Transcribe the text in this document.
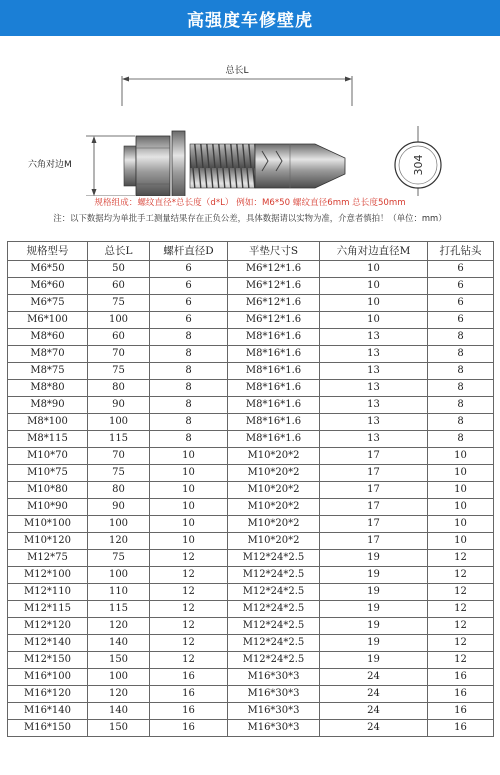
高强度车修壁虎
总长L
六角对边M	304
规格组成：螺纹直径*总长度（d*L） 例如：M6*50 螺纹直径6mm 总长度50mm
注：以下数据均为单批手工测量结果存在正负公差，具体数据请以实物为准，介意者慎拍！（单位：mm）
规格型号	总长L	螺杆直径D	平垫尺寸S	六角对边直径M	打孔钻头
M6*50	50	6	M6*12*1.6	10	6
M6*60	60	6	M6*12*1.6	10	6
M6*75	75	6	M6*12*1.6	10	6
M6*100	100	6	M6*12*1.6	10	6
M8*60	60	8	M8*16*1.6	13	8
M8*70	70	8	M8*16*1.6	13	8
M8*75	75	8	M8*16*1.6	13	8
M8*80	80	8	M8*16*1.6	13	8
M8*90	90	8	M8*16*1.6	13	8
M8*100	100	8	M8*16*1.6	13	8
M8*115	115	8	M8*16*1.6	13	8
M10*70	70	10	M10*20*2	17	10
M10*75	75	10	M10*20*2	17	10
M10*80	80	10	M10*20*2	17	10
M10*90	90	10	M10*20*2	17	10
M10*100	100	10	M10*20*2	17	10
M10*120	120	10	M10*20*2	17	10
M12*75	75	12	M12*24*2.5	19	12
M12*100	100	12	M12*24*2.5	19	12
M12*110	110	12	M12*24*2.5	19	12
M12*115	115	12	M12*24*2.5	19	12
M12*120	120	12	M12*24*2.5	19	12
M12*140	140	12	M12*24*2.5	19	12
M12*150	150	12	M12*24*2.5	19	12
M16*100	100	16	M16*30*3	24	16
M16*120	120	16	M16*30*3	24	16
M16*140	140	16	M16*30*3	24	16
M16*150	150	16	M16*30*3	24	16
